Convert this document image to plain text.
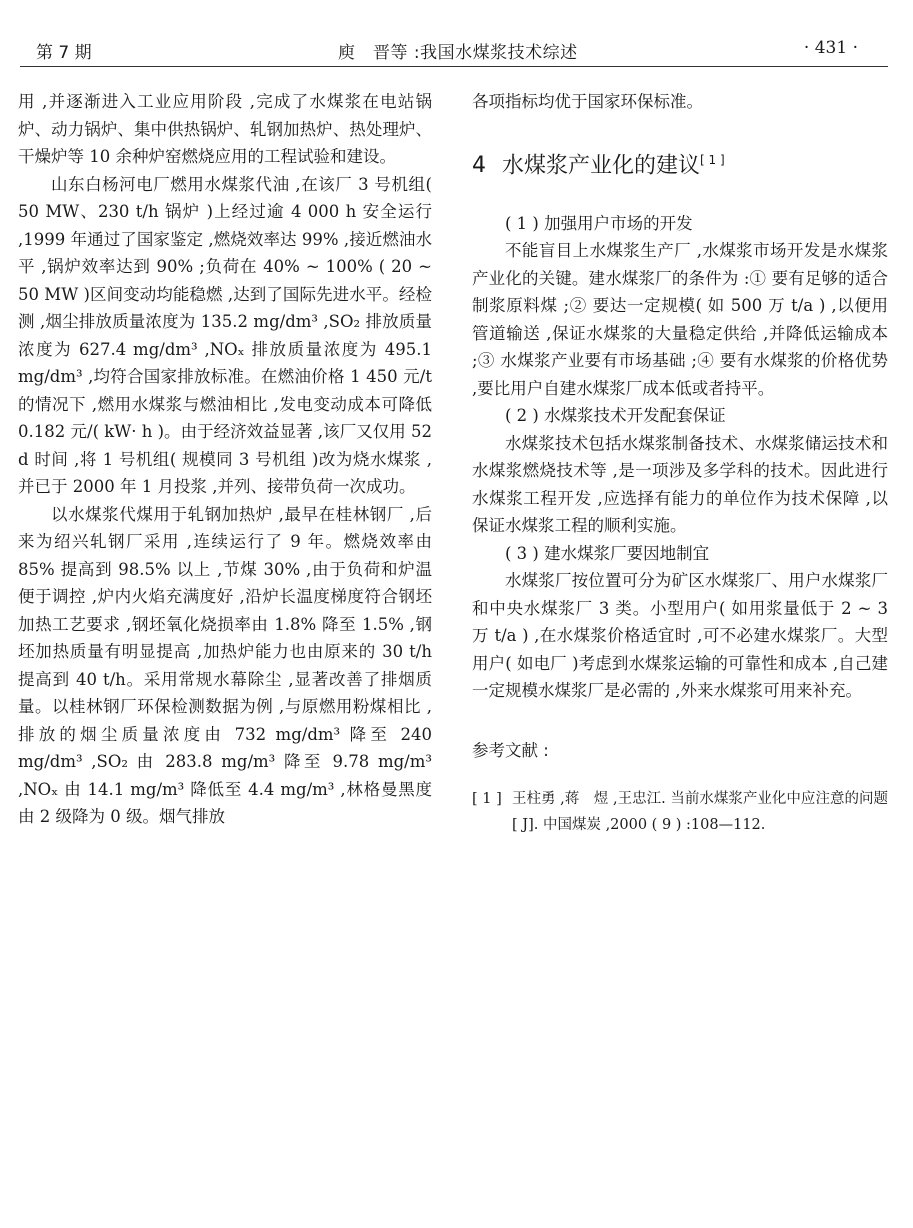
第 7 期	庾　晋等 :我国水煤浆技术综述	· 431 ·

用 ,并逐渐进入工业应用阶段 ,完成了水煤浆在电站锅炉、动力锅炉、集中供热锅炉、轧钢加热炉、热处理炉、干燥炉等 10 余种炉窑燃烧应用的工程试验和建设。

山东白杨河电厂燃用水煤浆代油 ,在该厂 3 号机组( 50 MW、230 t/h 锅炉 )上经过逾 4 000 h 安全运行 ,1999 年通过了国家鉴定 ,燃烧效率达 99% ,接近燃油水平 ,锅炉效率达到 90% ;负荷在 40% ~ 100% ( 20 ~ 50 MW )区间变动均能稳燃 ,达到了国际先进水平。经检测 ,烟尘排放质量浓度为 135.2 mg/dm³ ,SO₂ 排放质量浓度为 627.4 mg/dm³ ,NOₓ 排放质量浓度为 495.1 mg/dm³ ,均符合国家排放标准。在燃油价格 1 450 元/t 的情况下 ,燃用水煤浆与燃油相比 ,发电变动成本可降低 0.182 元/( kW· h )。由于经济效益显著 ,该厂又仅用 52 d 时间 ,将 1 号机组( 规模同 3 号机组 )改为烧水煤浆 ,并已于 2000 年 1 月投浆 ,并列、接带负荷一次成功。

以水煤浆代煤用于轧钢加热炉 ,最早在桂林钢厂 ,后来为绍兴轧钢厂采用 ,连续运行了 9 年。燃烧效率由 85% 提高到 98.5% 以上 ,节煤 30% ,由于负荷和炉温便于调控 ,炉内火焰充满度好 ,沿炉长温度梯度符合钢坯加热工艺要求 ,钢坯氧化烧损率由 1.8% 降至 1.5% ,钢坯加热质量有明显提高 ,加热炉能力也由原来的 30 t/h 提高到 40 t/h。采用常规水幕除尘 ,显著改善了排烟质量。以桂林钢厂环保检测数据为例 ,与原燃用粉煤相比 ,排放的烟尘质量浓度由 732 mg/dm³ 降至 240 mg/dm³ ,SO₂ 由 283.8 mg/m³ 降至 9.78 mg/m³ ,NOₓ 由 14.1 mg/m³ 降低至 4.4 mg/m³ ,林格曼黑度由 2 级降为 0 级。烟气排放

各项指标均优于国家环保标准。

4 水煤浆产业化的建议[ 1 ]

( 1 ) 加强用户市场的开发

不能盲目上水煤浆生产厂 ,水煤浆市场开发是水煤浆产业化的关键。建水煤浆厂的条件为 :① 要有足够的适合制浆原料煤 ;② 要达一定规模( 如 500 万 t/a ) ,以便用管道输送 ,保证水煤浆的大量稳定供给 ,并降低运输成本 ;③ 水煤浆产业要有市场基础 ;④ 要有水煤浆的价格优势 ,要比用户自建水煤浆厂成本低或者持平。

( 2 ) 水煤浆技术开发配套保证

水煤浆技术包括水煤浆制备技术、水煤浆储运技术和水煤浆燃烧技术等 ,是一项涉及多学科的技术。因此进行水煤浆工程开发 ,应选择有能力的单位作为技术保障 ,以保证水煤浆工程的顺利实施。

( 3 ) 建水煤浆厂要因地制宜

水煤浆厂按位置可分为矿区水煤浆厂、用户水煤浆厂和中央水煤浆厂 3 类。小型用户( 如用浆量低于 2 ~ 3 万 t/a ) ,在水煤浆价格适宜时 ,可不必建水煤浆厂。大型用户( 如电厂 )考虑到水煤浆运输的可靠性和成本 ,自己建一定规模水煤浆厂是必需的 ,外来水煤浆可用来补充。

参考文献 :

[ 1 ] 王柱勇 ,蒋　煜 ,王忠江. 当前水煤浆产业化中应注意的问题[ J]. 中国煤炭 ,2000 ( 9 ) :108—112.
